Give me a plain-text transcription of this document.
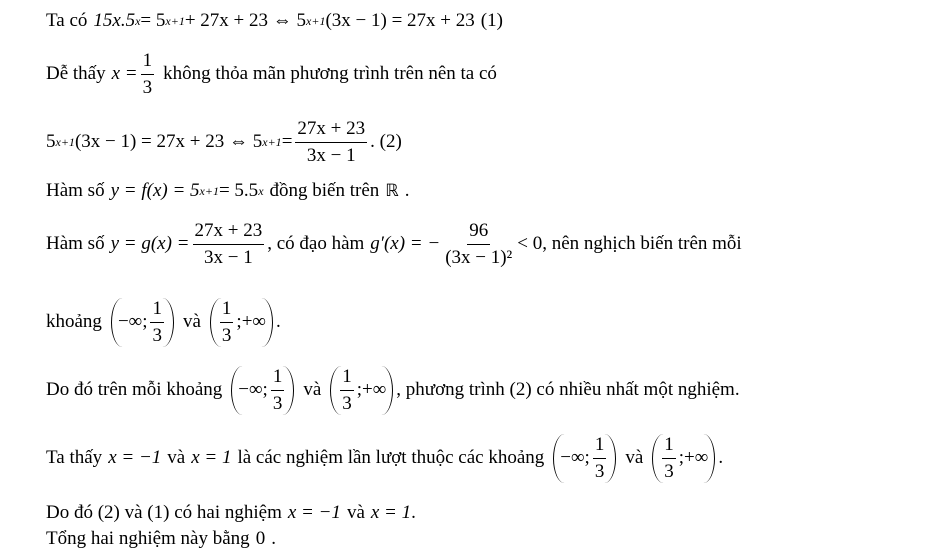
Ta có 15x.5 x = 5 x+1 + 27x + 23 ⇔ 5 x+1 (3x − 1) = 27x + 23 (1)
Dễ thấy $x = \frac{1}{3}$ không thỏa mãn phương trình trên nên ta có
5 x+1 (3x − 1) = 27x + 23 ⇔ 5 $x+1 = \frac{27x + 23}{3x - 1}$ . (2)
Hàm số y = f(x) = 5 x+1 = 5.5 x đồng biến trên ℝ .
Hàm số $y = g(x) = \frac{27x + 23}{3x - 1}$ , có đạo hàm g′(x) = − $\frac{96}{\text{(3x − 1)²}} < 0$ , nên nghịch biến trên mỗi
khoảng −∞; $\frac{1}{3}$ và $\frac{1}{3}$ ;+∞ .
Do đó trên mỗi khoảng −∞; $\frac{1}{3}$ và $\frac{1}{3}$ ;+∞ , phương trình (2) có nhiều nhất một nghiệm.
Ta thấy x = −1 và x = 1 là các nghiệm lần lượt thuộc các khoảng −∞; $\frac{1}{3}$ và $\frac{1}{3}$ ;+∞ .
Do đó (2) và (1) có hai nghiệm x = −1 và x = 1 .
Tổng hai nghiệm này bằng 0 .
